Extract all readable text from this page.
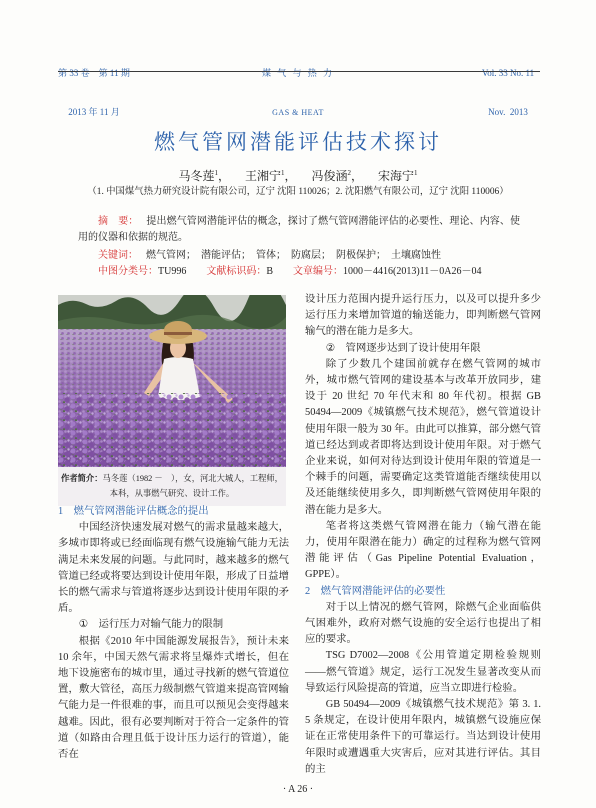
第 33 卷　第 11 期

2013 年 11 月

煤 气 与 热 力

GAS & HEAT

Vol. 33 No. 11

Nov.  2013

燃气管网潜能评估技术探讨
马冬莲$^1$， 王湘宁$^1$， 冯俊涵$^2$， 宋海宁$^1$
（1. 中国煤气热力研究设计院有限公司，辽宁 沈阳 110026；2. 沈阳燃气有限公司，辽宁 沈阳 110006）
摘　要： 提出燃气管网潜能评估的概念，探讨了燃气管网潜能评估的必要性、理论、内容、使用的仪器和依据的规范。
关键词： 燃气管网；　潜能评估；　管体；　防腐层；　阴极保护；　土壤腐蚀性
中图分类号：TU996 文献标识码：B 文章编号：1000－4416(2013)11－0A26－04
作者简介：马冬莲（1982 －　），女，河北大城人，工程师，
本科，从事燃气研究、设计工作。
1 燃气管网潜能评估概念的提出

中国经济快速发展对燃气的需求量越来越大，多城市即将或已经面临现有燃气设施输气能力无法满足未来发展的问题。与此同时，越来越多的燃气管道已经或将要达到设计使用年限，形成了日益增长的燃气需求与管道将逐步达到设计使用年限的矛盾。

① 运行压力对输气能力的限制

根据《2010 年中国能源发展报告》，预计未来 10 余年，中国天然气需求将呈爆炸式增长，但在地下设施密布的城市里，通过寻找新的燃气管道位置，敷大管径，高压力级制燃气管道来提高管网输气能力是一件很难的事，而且可以预见会变得越来越难。因此，很有必要判断对于符合一定条件的管道（如路由合理且低于设计压力运行的管道），能否在

设计压力范围内提升运行压力，以及可以提升多少运行压力来增加管道的输送能力，即判断燃气管网输气的潜在能力是多大。

② 管网逐步达到了设计使用年限

除了少数几个建国前就存在燃气管网的城市外，城市燃气管网的建设基本与改革开放同步，建设于 20 世纪 70 年代末和 80 年代初。根据 GB 50494—2009《城镇燃气技术规范》，燃气管道设计使用年限一般为 30 年。由此可以推算，部分燃气管道已经达到或者即将达到设计使用年限。对于燃气企业来说，如何对待达到设计使用年限的管道是一个棘手的问题，需要确定这类管道能否继续使用以及还能继续使用多久，即判断燃气管网使用年限的潜在能力是多大。

笔者将这类燃气管网潜在能力（输气潜在能力，使用年限潜在能力）确定的过程称为燃气管网潜能评估（Gas Pipeline Potential Evaluation，GPPE）。

2 燃气管网潜能评估的必要性

对于以上情况的燃气管网，除燃气企业面临供气困难外，政府对燃气设施的安全运行也提出了相应的要求。

TSG D7002—2008《公用管道定期检验规则——燃气管道》规定，运行工况发生显著改变从而导致运行风险提高的管道，应当立即进行检验。

GB 50494—2009《城镇燃气技术规范》第 3. 1. 5 条规定，在设计使用年限内，城镇燃气设施应保证在正常使用条件下的可靠运行。当达到设计使用年限时或遭遇重大灾害后，应对其进行评估。其目的主

· A 26 ·
